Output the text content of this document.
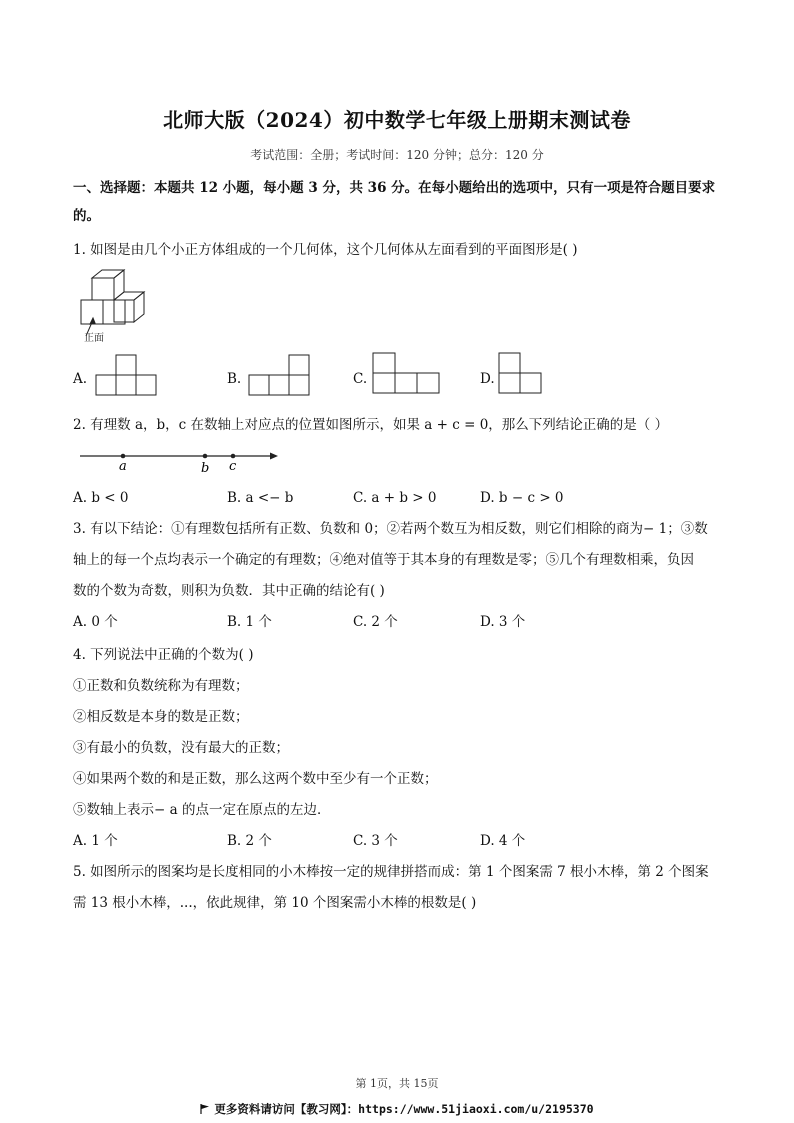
北师大版（2024）初中数学七年级上册期末测试卷
考试范围：全册；考试时间：120 分钟；总分：120 分
一、选择题：本题共 12 小题，每小题 3 分，共 36 分。在每小题给出的选项中，只有一项是符合题目要求
的。
1. 如图是由几个小正方体组成的一个几何体，这个几何体从左面看到的平面图形是( )
正面
A.	B.	C.	D.
2. 有理数 a，b，c 在数轴上对应点的位置如图所示，如果 a + c = 0，那么下列结论正确的是（ ）
a	b c
A. b < 0	B. a <− b	C. a + b > 0	D. b − c > 0
3. 有以下结论：①有理数包括所有正数、负数和 0；②若两个数互为相反数，则它们相除的商为− 1；③数
轴上的每一个点均表示一个确定的有理数；④绝对值等于其本身的有理数是零；⑤几个有理数相乘，负因
数的个数为奇数，则积为负数．其中正确的结论有( )
A. 0 个	B. 1 个	C. 2 个	D. 3 个
4. 下列说法中正确的个数为( )
①正数和负数统称为有理数；
②相反数是本身的数是正数；
③有最小的负数，没有最大的正数；
④如果两个数的和是正数，那么这两个数中至少有一个正数；
⑤数轴上表示− a 的点一定在原点的左边．
A. 1 个	B. 2 个	C. 3 个	D. 4 个
5. 如图所示的图案均是长度相同的小木棒按一定的规律拼搭而成：第 1 个图案需 7 根小木棒，第 2 个图案
需 13 根小木棒，...，依此规律，第 10 个图案需小木棒的根数是( )
第 1页，共 15页
更多资料请访问【教习网】：https://www.51jiaoxi.com/u/2195370
